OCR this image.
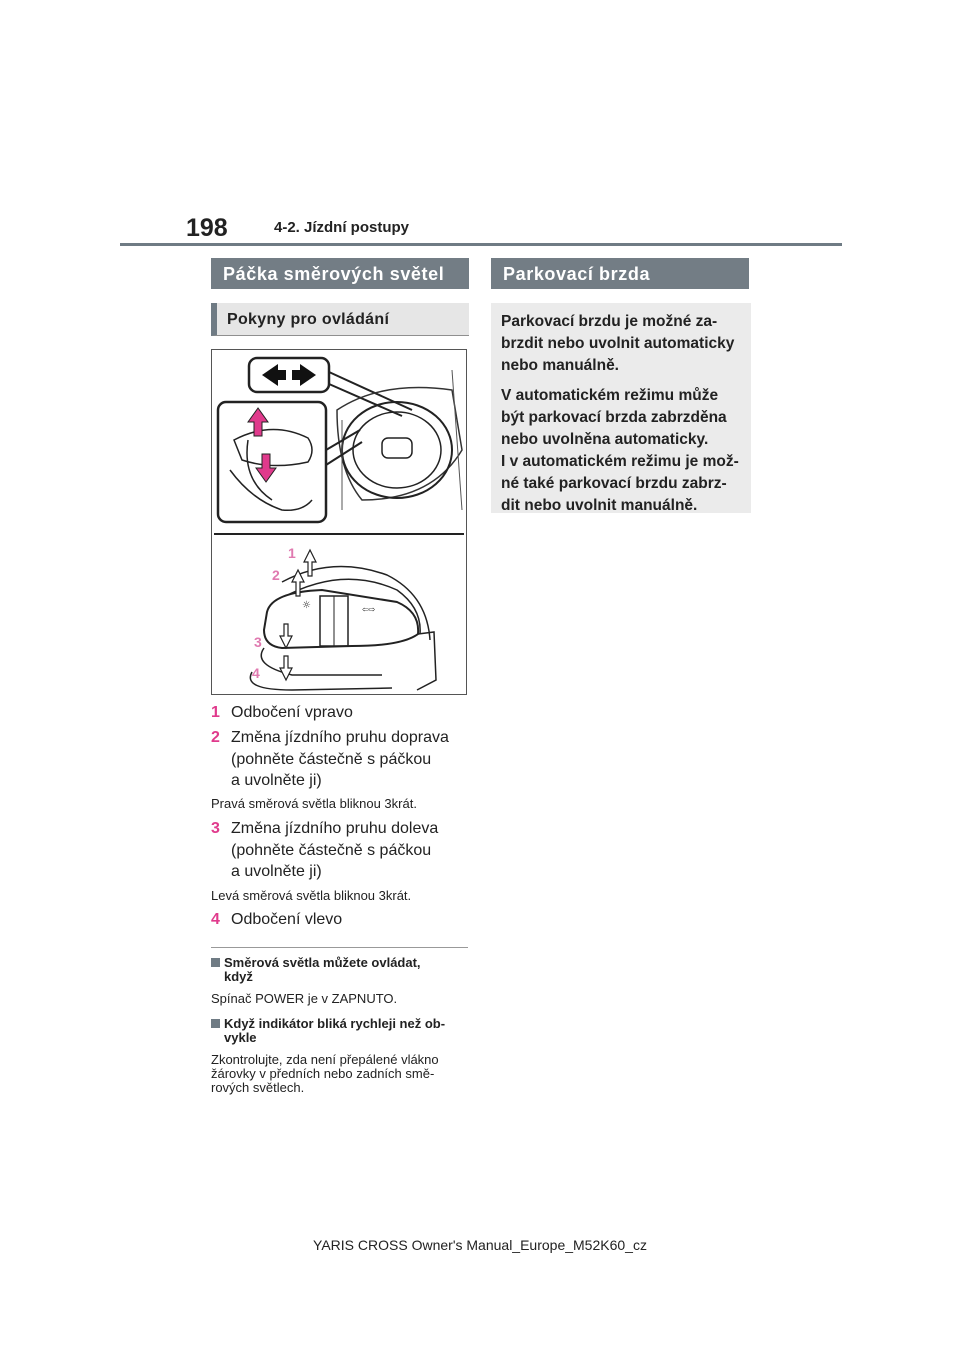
198	4-2. Jízdní postupy
Páčka směrových světel
Pokyny pro ovládání
☼	⇦⇨
1
2
3
4
1 Odbočení vpravo
2 Změna jízdního pruhu doprava
(pohněte částečně s páčkou
a uvolněte ji)
Pravá směrová světla bliknou 3krát.
3 Změna jízdního pruhu doleva
(pohněte částečně s páčkou
a uvolněte ji)
Levá směrová světla bliknou 3krát.
4 Odbočení vlevo
Směrová světla můžete ovládat,
když
Spínač POWER je v ZAPNUTO.
Když indikátor bliká rychleji než ob-
vykle
Zkontrolujte, zda není přepálené vlákno
žárovky v předních nebo zadních smě-
rových světlech.
Parkovací brzda

Parkovací brzdu je možné za-
brzdit nebo uvolnit automaticky
nebo manuálně.

V automatickém režimu může
být parkovací brzda zabrzděna
nebo uvolněna automaticky.
I v automatickém režimu je mož-
né také parkovací brzdu zabrz-
dit nebo uvolnit manuálně.

YARIS CROSS Owner's Manual_Europe_M52K60_cz
